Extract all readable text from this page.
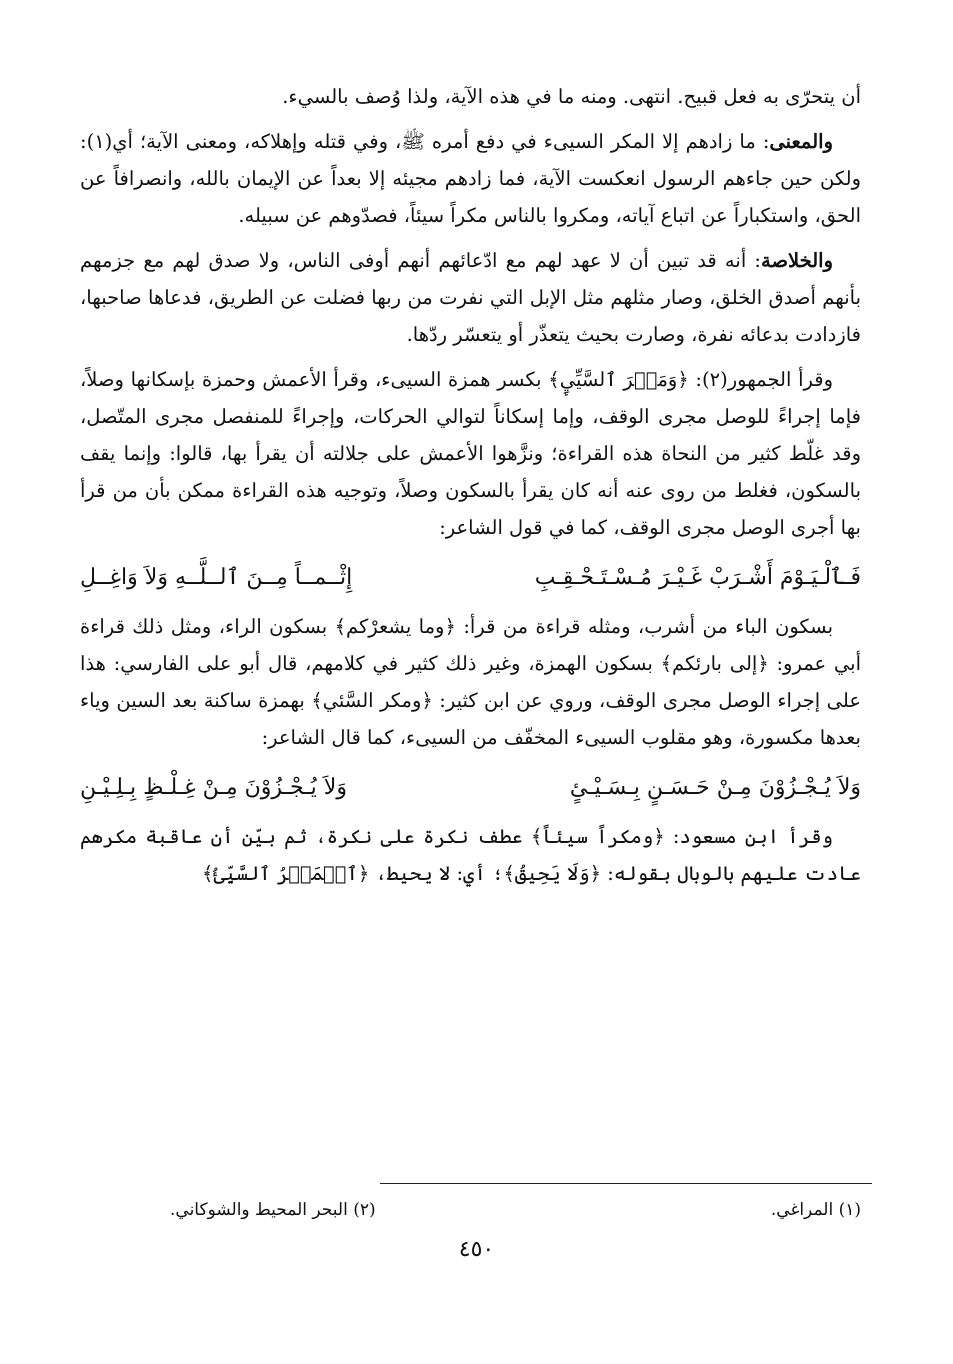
أن يتحرّى به فعل قبيح. انتهى. ومنه ما في هذه الآية، ولذا وُصف بالسيء.

والمعنى: ما زادهم إلا المكر السيىء في دفع أمره ﷺ، وفي قتله وإهلاكه، ومعنى الآية؛ أي(١): ولكن حين جاءهم الرسول انعكست الآية، فما زادهم مجيئه إلا بعداً عن الإيمان بالله، وانصرافاً عن الحق، واستكباراً عن اتباع آياته، ومكروا بالناس مكراً سيئاً، فصدّوهم عن سبيله.

والخلاصة: أنه قد تبين أن لا عهد لهم مع ادّعائهم أنهم أوفى الناس، ولا صدق لهم مع جزمهم بأنهم أصدق الخلق، وصار مثلهم مثل الإبل التي نفرت من ربها فضلت عن الطريق، فدعاها صاحبها، فازدادت بدعائه نفرة، وصارت بحيث يتعذّر أو يتعسّر ردّها.

وقرأ الجمهور(٢): ﴿وَمَكۡرَ ٱلسَّيِّيِٕ﴾ بكسر همزة السيىء، وقرأ الأعمش وحمزة بإسكانها وصلاً، فإما إجراءً للوصل مجرى الوقف، وإما إسكاناً لتوالي الحركات، وإجراءً للمنفصل مجرى المتّصل، وقد غلّط كثير من النحاة هذه القراءة؛ ونزَّهوا الأعمش على جلالته أن يقرأ بها، قالوا: وإنما يقف بالسكون، فغلط من روى عنه أنه كان يقرأ بالسكون وصلاً، وتوجيه هذه القراءة ممكن بأن من قرأ بها أجرى الوصل مجرى الوقف، كما في قول الشاعر:

فَـٱلْـيَـوْمَ أَشْـرَبْ غَـيْـرَ مُـسْـتَـحْـقِـبِ
إِثْــمــاً مِــنَ ٱلــلَّــهِ وَلاَ وَاغِــلِ

بسكون الباء من أشرب، ومثله قراءة من قرأ: ﴿وما يشعرْكم﴾ بسكون الراء، ومثل ذلك قراءة أبي عمرو: ﴿إلى بارئكم﴾ بسكون الهمزة، وغير ذلك كثير في كلامهم، قال أبو على الفارسي: هذا على إجراء الوصل مجرى الوقف، وروي عن ابن كثير: ﴿ومكر السَّئي﴾ بهمزة ساكنة بعد السين وياء بعدها مكسورة، وهو مقلوب السيىء المخفّف من السيىء، كما قال الشاعر:

وَلاَ يُـجْـزُوْنَ مِـنْ حَـسَـنٍ بِـسَـيْـئٍ
وَلاَ يُـجْـزُوْنَ مِـنْ غِـلْـظٍ بِـلِـيْـنِ

وقرأ ابن مسعود: ﴿ومكراً سيئاً﴾ عطف نكرة على نكرة، ثم بيّن أن عاقبة مكرهم عادت عليهم بالوبال بقوله: ﴿وَلَا يَحِيقُ﴾؛ أي: لا يحيط، ﴿ٱلۡمَكۡرُ ٱلسَّيِّئُ﴾

(١) المراغي.
(٢) البحر المحيط والشوكاني.
٤٥٠
